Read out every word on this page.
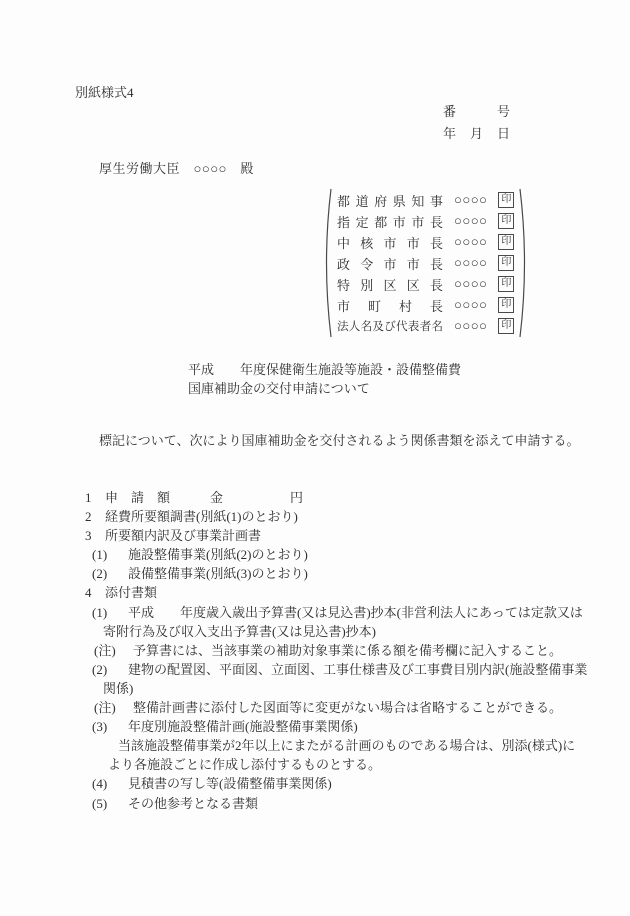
別紙様式4
番	号
年 月 日
厚生労働大臣　○○○○　殿
都道府県知事 ○○○○	印
指定都市市長 ○○○○	印
中核市市長 ○○○○	印
政令市市長 ○○○○	印
特別区区長 ○○○○	印
市町村長 ○○○○	印
法人名及び代表者名 ○○○○	印
平成　　年度保健衛生施設等施設・設備整備費
国庫補助金の交付申請について
標記について、次により国庫補助金を交付されるよう関係書類を添えて申請する。
1 申　請　額	金	円
2 経費所要額調書(別紙(1)のとおり)
3 所要額内訳及び事業計画書
(1) 施設整備事業(別紙(2)のとおり)
(2) 設備整備事業(別紙(3)のとおり)
4 添付書類
(1) 平成　　年度歳入歳出予算書(又は見込書)抄本(非営利法人にあっては定款又は
寄附行為及び収入支出予算書(又は見込書)抄本)
(注) 予算書には、当該事業の補助対象事業に係る額を備考欄に記入すること。
(2) 建物の配置図、平面図、立面図、工事仕様書及び工事費目別内訳(施設整備事業
関係)
(注) 整備計画書に添付した図面等に変更がない場合は省略することができる。
(3) 年度別施設整備計画(施設整備事業関係)
当該施設整備事業が2年以上にまたがる計画のものである場合は、別添(様式)に
より各施設ごとに作成し添付するものとする。
(4) 見積書の写し等(設備整備事業関係)
(5) その他参考となる書類
